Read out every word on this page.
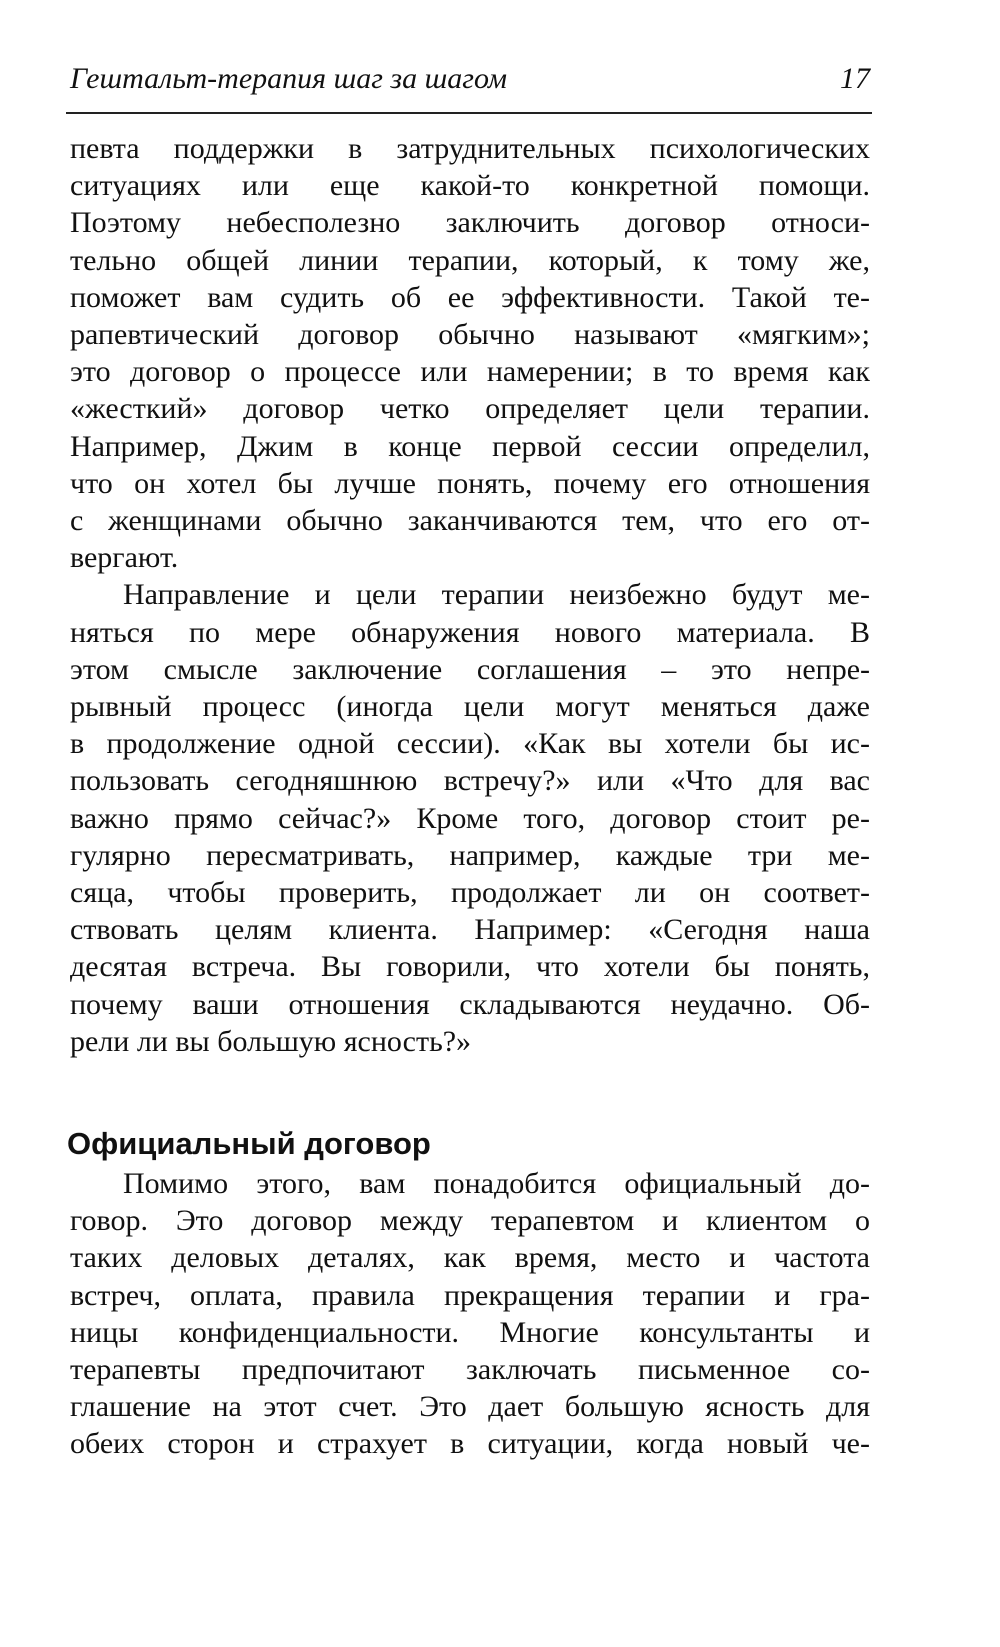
Гештальт-терапия шаг за шагом	17

певта поддержки в затруднительных психологических
ситуациях или еще какой-то конкретной помощи.
Поэтому небесполезно заключить договор относи-
тельно общей линии терапии, который, к тому же,
поможет вам судить об ее эффективности. Такой те-
рапевтический договор обычно называют «мягким»;
это договор о процессе или намерении; в то время как
«жесткий» договор четко определяет цели терапии.
Например, Джим в конце первой сессии определил,
что он хотел бы лучше понять, почему его отношения
с женщинами обычно заканчиваются тем, что его от-
вергают.

Направление и цели терапии неизбежно будут ме-
няться по мере обнаружения нового материала. В
этом смысле заключение соглашения – это непре-
рывный процесс (иногда цели могут меняться даже
в продолжение одной сессии). «Как вы хотели бы ис-
пользовать сегодняшнюю встречу?» или «Что для вас
важно прямо сейчас?» Кроме того, договор стоит ре-
гулярно пересматривать, например, каждые три ме-
сяца, чтобы проверить, продолжает ли он соответ-
ствовать целям клиента. Например: «Сегодня наша
десятая встреча. Вы говорили, что хотели бы понять,
почему ваши отношения складываются неудачно. Об-
рели ли вы большую ясность?»

Официальный договор

Помимо этого, вам понадобится официальный до-
говор. Это договор между терапевтом и клиентом о
таких деловых деталях, как время, место и частота
встреч, оплата, правила прекращения терапии и гра-
ницы конфиденциальности. Многие консультанты и
терапевты предпочитают заключать письменное со-
глашение на этот счет. Это дает большую ясность для
обеих сторон и страхует в ситуации, когда новый че-
